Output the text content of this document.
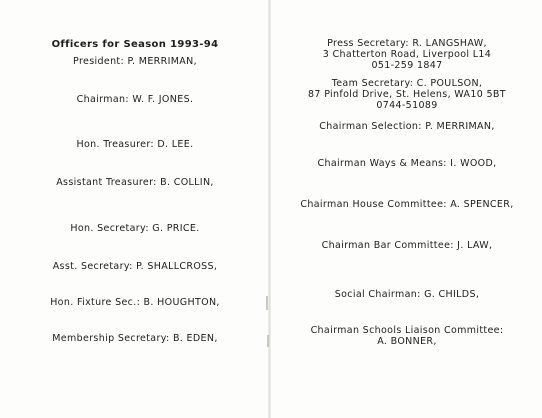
Officers for Season 1993-94
President: P. MERRIMAN,
Chairman: W. F. JONES.
Hon. Treasurer: D. LEE.
Assistant Treasurer: B. COLLIN,
Hon. Secretary: G. PRICE.
Asst. Secretary: P. SHALLCROSS,
Hon. Fixture Sec.: B. HOUGHTON,
Membership Secretary: B. EDEN,
Press Secretary: R. LANGSHAW,
3 Chatterton Road, Liverpool L14
051-259 1847
Team Secretary: C. POULSON,
87 Pinfold Drive, St. Helens, WA10 5BT
0744-51089
Chairman Selection: P. MERRIMAN,
Chairman Ways & Means: I. WOOD,
Chairman House Committee: A. SPENCER,
Chairman Bar Committee: J. LAW,
Social Chairman: G. CHILDS,
Chairman Schools Liaison Committee:
A. BONNER,
